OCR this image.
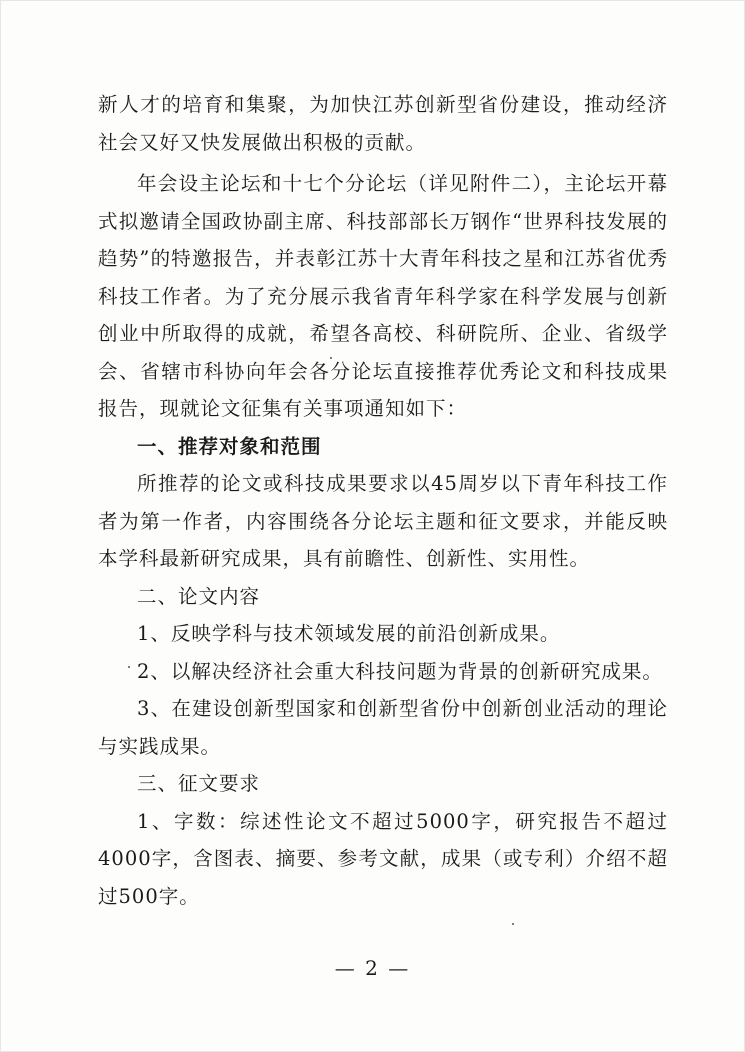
新人才的培育和集聚，为加快江苏创新型省份建设，推动经济社会又好又快发展做出积极的贡献。

年会设主论坛和十七个分论坛（详见附件二），主论坛开幕式拟邀请全国政协副主席、科技部部长万钢作“世界科技发展的趋势”的特邀报告，并表彰江苏十大青年科技之星和江苏省优秀科技工作者。为了充分展示我省青年科学家在科学发展与创新创业中所取得的成就，希望各高校、科研院所、企业、省级学会、省辖市科协向年会各分论坛直接推荐优秀论文和科技成果报告，现就论文征集有关事项通知如下：

一、推荐对象和范围

所推荐的论文或科技成果要求以45周岁以下青年科技工作者为第一作者，内容围绕各分论坛主题和征文要求，并能反映本学科最新研究成果，具有前瞻性、创新性、实用性。

二、论文内容

1、反映学科与技术领域发展的前沿创新成果。

2、以解决经济社会重大科技问题为背景的创新研究成果。

3、在建设创新型国家和创新型省份中创新创业活动的理论与实践成果。

三、征文要求

1、字数：综述性论文不超过5000字，研究报告不超过4000字，含图表、摘要、参考文献，成果（或专利）介绍不超过500字。

— 2 —
